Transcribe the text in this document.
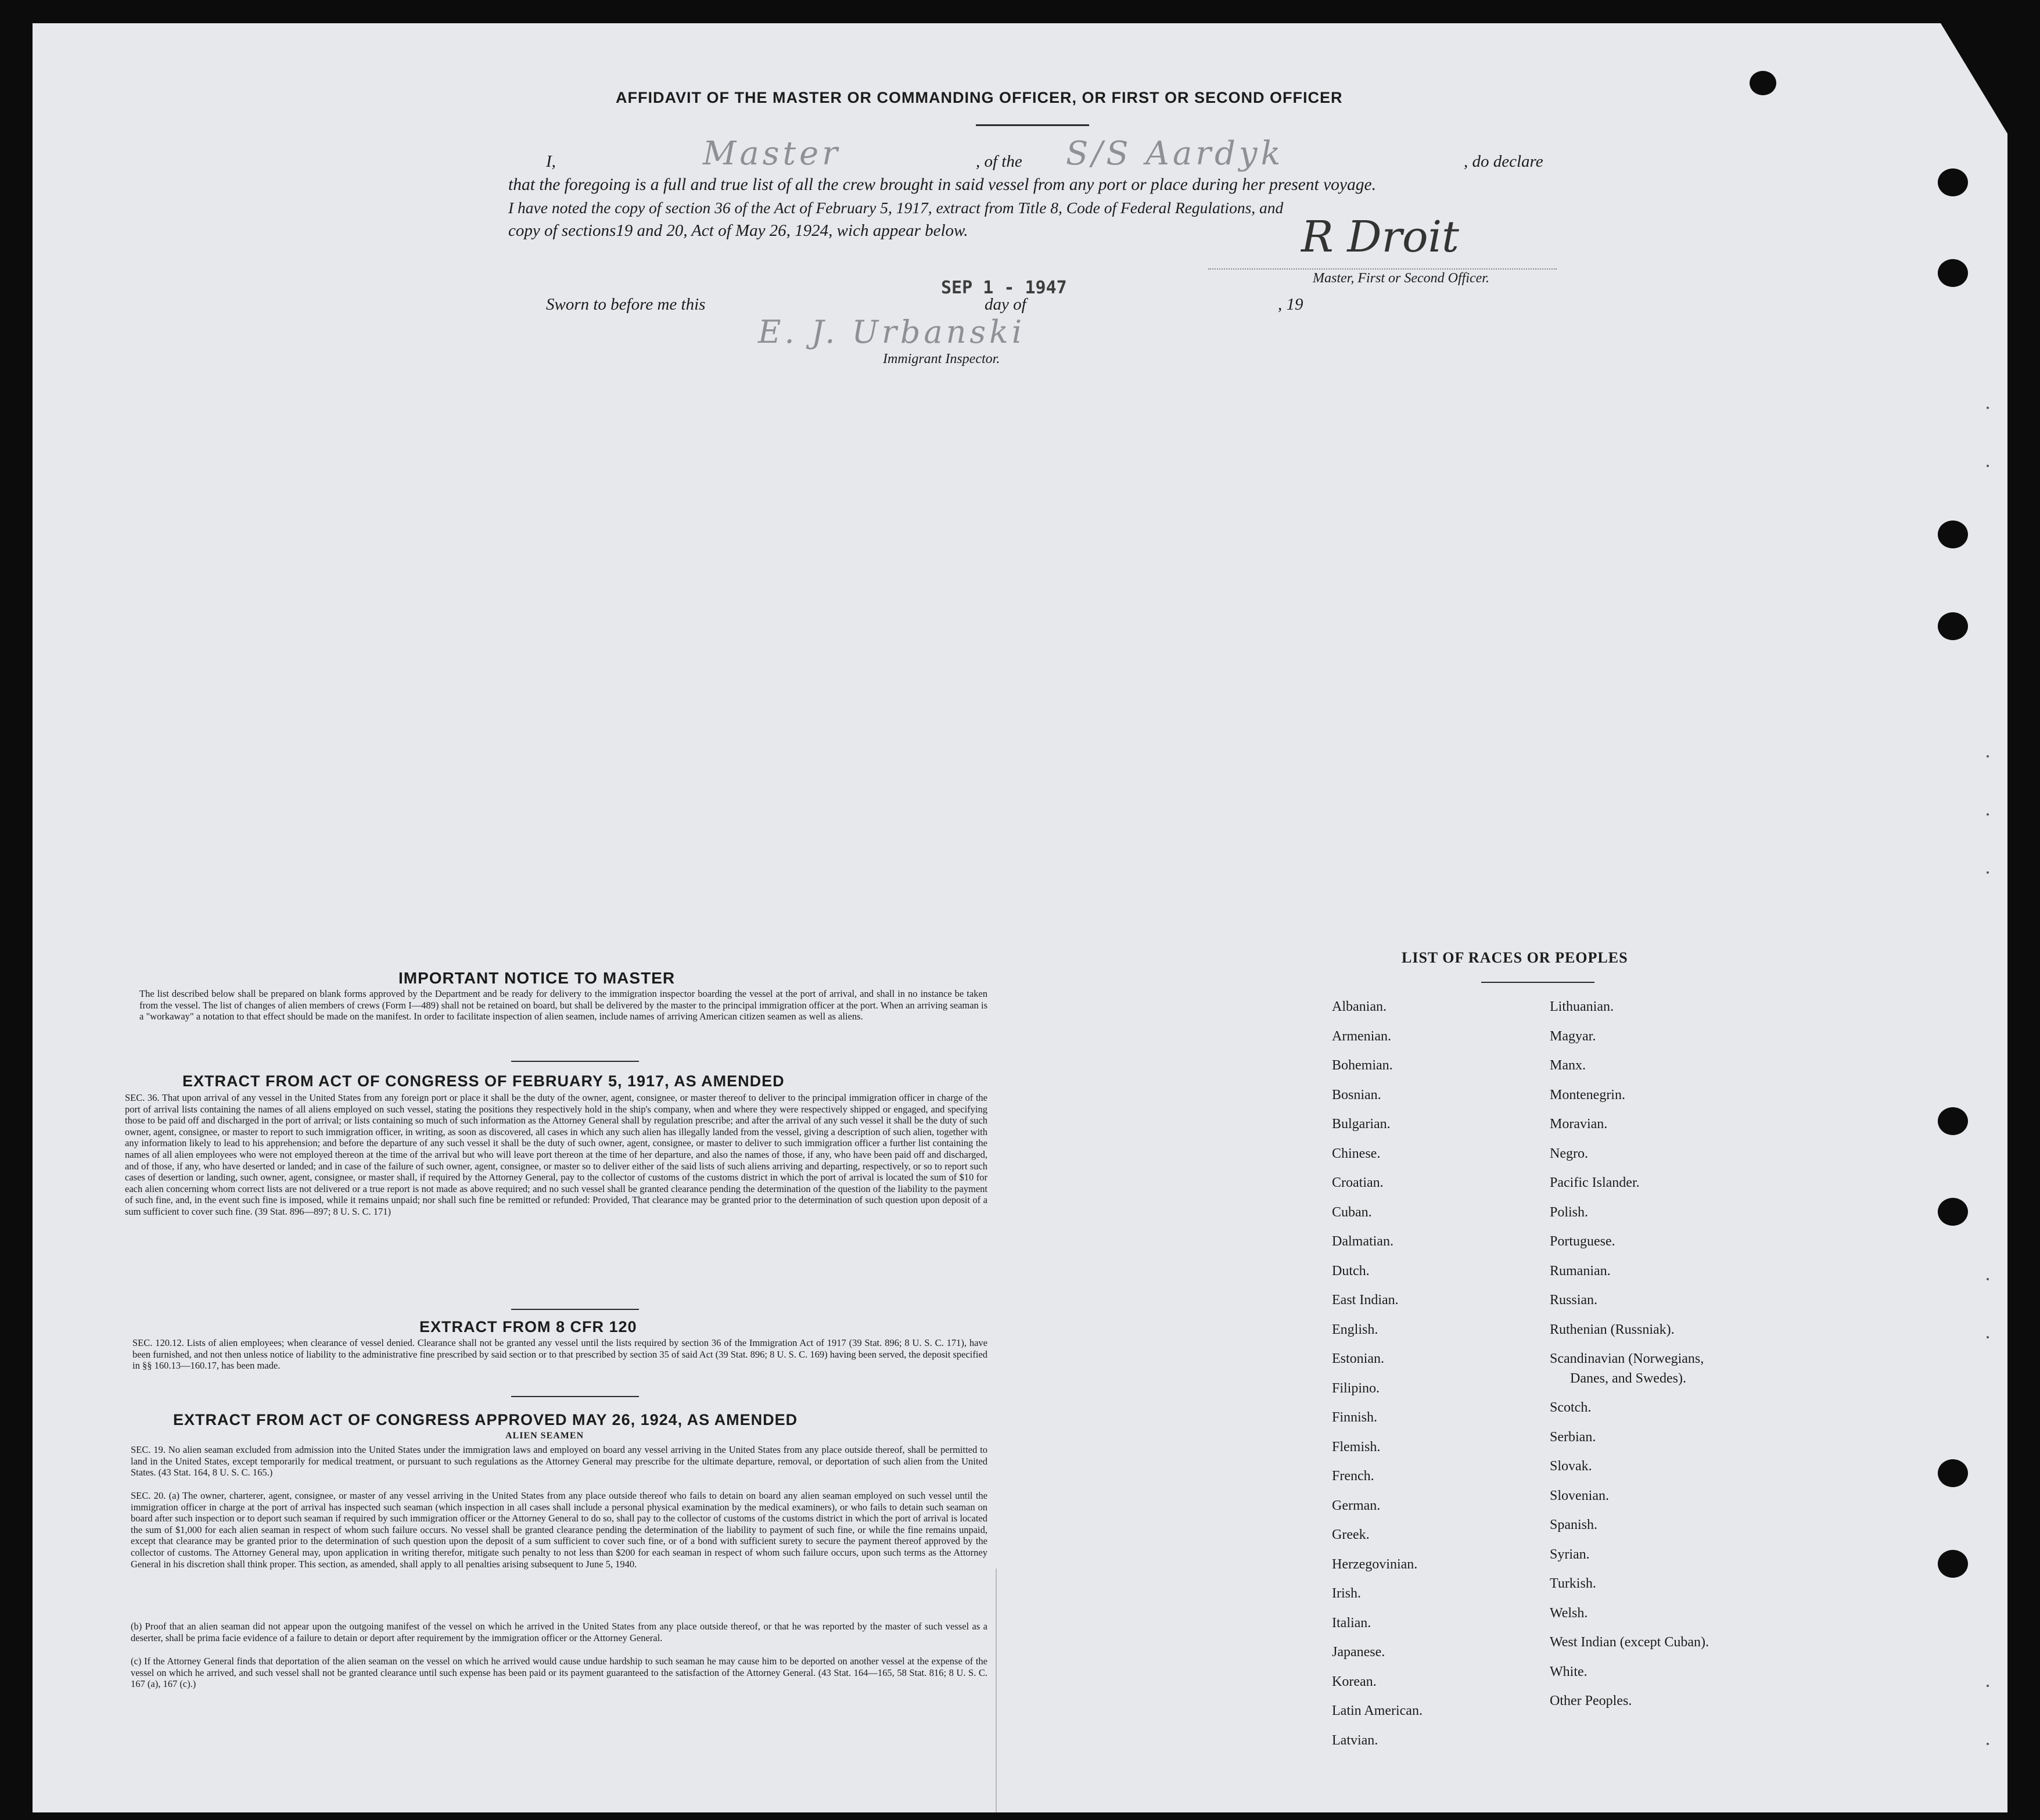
AFFIDAVIT OF THE MASTER OR COMMANDING OFFICER, OR FIRST OR SECOND OFFICER
I,	Master	, of the S/S Aardyk	, do declare
that the foregoing is a full and true list of all the crew brought in said vessel from any port or place during her present voyage.
I have noted the copy of section 36 of the Act of February 5, 1917, extract from Title 8, Code of Federal Regulations, and
copy of sections19 and 20, Act of May 26, 1924, wich appear below.	R Droit
Master, First or Second Officer.
Sworn to before me this
SEP 1 - 1947
day of	, 19
E. J. Urbanski
Immigrant Inspector.
IMPORTANT NOTICE TO MASTER
The list described below shall be prepared on blank forms approved by the Department and be ready for delivery to the immigration inspector boarding the vessel at the port of arrival, and shall in no instance be taken from the vessel. The list of changes of alien members of crews (Form I—489) shall not be retained on board, but shall be delivered by the master to the principal immigration officer at the port. When an arriving seaman is a "workaway" a notation to that effect should be made on the manifest. In order to facilitate inspection of alien seamen, include names of arriving American citizen seamen as well as aliens.
EXTRACT FROM ACT OF CONGRESS OF FEBRUARY 5, 1917, AS AMENDED
SEC. 36. That upon arrival of any vessel in the United States from any foreign port or place it shall be the duty of the owner, agent, consignee, or master thereof to deliver to the principal immigration officer in charge of the port of arrival lists containing the names of all aliens employed on such vessel, stating the positions they respectively hold in the ship's company, when and where they were respectively shipped or engaged, and specifying those to be paid off and discharged in the port of arrival; or lists containing so much of such information as the Attorney General shall by regulation prescribe; and after the arrival of any such vessel it shall be the duty of such owner, agent, consignee, or master to report to such immigration officer, in writing, as soon as discovered, all cases in which any such alien has illegally landed from the vessel, giving a description of such alien, together with any information likely to lead to his apprehension; and before the departure of any such vessel it shall be the duty of such owner, agent, consignee, or master to deliver to such immigration officer a further list containing the names of all alien employees who were not employed thereon at the time of the arrival but who will leave port thereon at the time of her departure, and also the names of those, if any, who have been paid off and discharged, and of those, if any, who have deserted or landed; and in case of the failure of such owner, agent, consignee, or master so to deliver either of the said lists of such aliens arriving and departing, respectively, or so to report such cases of desertion or landing, such owner, agent, consignee, or master shall, if required by the Attorney General, pay to the collector of customs of the customs district in which the port of arrival is located the sum of $10 for each alien concerning whom correct lists are not delivered or a true report is not made as above required; and no such vessel shall be granted clearance pending the determination of the question of the liability to the payment of such fine, and, in the event such fine is imposed, while it remains unpaid; nor shall such fine be remitted or refunded: Provided, That clearance may be granted prior to the determination of such question upon deposit of a sum sufficient to cover such fine. (39 Stat. 896—897; 8 U. S. C. 171)
EXTRACT FROM 8 CFR 120
SEC. 120.12. Lists of alien employees; when clearance of vessel denied. Clearance shall not be granted any vessel until the lists required by section 36 of the Immigration Act of 1917 (39 Stat. 896; 8 U. S. C. 171), have been furnished, and not then unless notice of liability to the administrative fine prescribed by said section or to that prescribed by section 35 of said Act (39 Stat. 896; 8 U. S. C. 169) having been served, the deposit specified in §§ 160.13—160.17, has been made.
EXTRACT FROM ACT OF CONGRESS APPROVED MAY 26, 1924, AS AMENDED
ALIEN SEAMEN
SEC. 19. No alien seaman excluded from admission into the United States under the immigration laws and employed on board any vessel arriving in the United States from any place outside thereof, shall be permitted to land in the United States, except temporarily for medical treatment, or pursuant to such regulations as the Attorney General may prescribe for the ultimate departure, removal, or deportation of such alien from the United States. (43 Stat. 164, 8 U. S. C. 165.)
SEC. 20. (a) The owner, charterer, agent, consignee, or master of any vessel arriving in the United States from any place outside thereof who fails to detain on board any alien seaman employed on such vessel until the immigration officer in charge at the port of arrival has inspected such seaman (which inspection in all cases shall include a personal physical examination by the medical examiners), or who fails to detain such seaman on board after such inspection or to deport such seaman if required by such immigration officer or the Attorney General to do so, shall pay to the collector of customs of the customs district in which the port of arrival is located the sum of $1,000 for each alien seaman in respect of whom such failure occurs. No vessel shall be granted clearance pending the determination of the liability to payment of such fine, or while the fine remains unpaid, except that clearance may be granted prior to the determination of such question upon the deposit of a sum sufficient to cover such fine, or of a bond with sufficient surety to secure the payment thereof approved by the collector of customs. The Attorney General may, upon application in writing therefor, mitigate such penalty to not less than $200 for each seaman in respect of whom such failure occurs, upon such terms as the Attorney General in his discretion shall think proper. This section, as amended, shall apply to all penalties arising subsequent to June 5, 1940.
(b) Proof that an alien seaman did not appear upon the outgoing manifest of the vessel on which he arrived in the United States from any place outside thereof, or that he was reported by the master of such vessel as a deserter, shall be prima facie evidence of a failure to detain or deport after requirement by the immigration officer or the Attorney General.
(c) If the Attorney General finds that deportation of the alien seaman on the vessel on which he arrived would cause undue hardship to such seaman he may cause him to be deported on another vessel at the expense of the vessel on which he arrived, and such vessel shall not be granted clearance until such expense has been paid or its payment guaranteed to the satisfaction of the Attorney General. (43 Stat. 164—165, 58 Stat. 816; 8 U. S. C. 167 (a), 167 (c).)
LIST OF RACES OR PEOPLES
Albanian.
Armenian.
Bohemian.
Bosnian.
Bulgarian.
Chinese.
Croatian.
Cuban.
Dalmatian.
Dutch.
East Indian.
English.
Estonian.
Filipino.
Finnish.
Flemish.
French.
German.
Greek.
Herzegovinian.
Irish.
Italian.
Japanese.
Korean.
Latin American.
Latvian.
Lithuanian.
Magyar.
Manx.
Montenegrin.
Moravian.
Negro.
Pacific Islander.
Polish.
Portuguese.
Rumanian.
Russian.
Ruthenian (Russniak).
Scandinavian (Norwegians,
Danes, and Swedes).
Scotch.
Serbian.
Slovak.
Slovenian.
Spanish.
Syrian.
Turkish.
Welsh.
West Indian (except Cuban).
White.
Other Peoples.
